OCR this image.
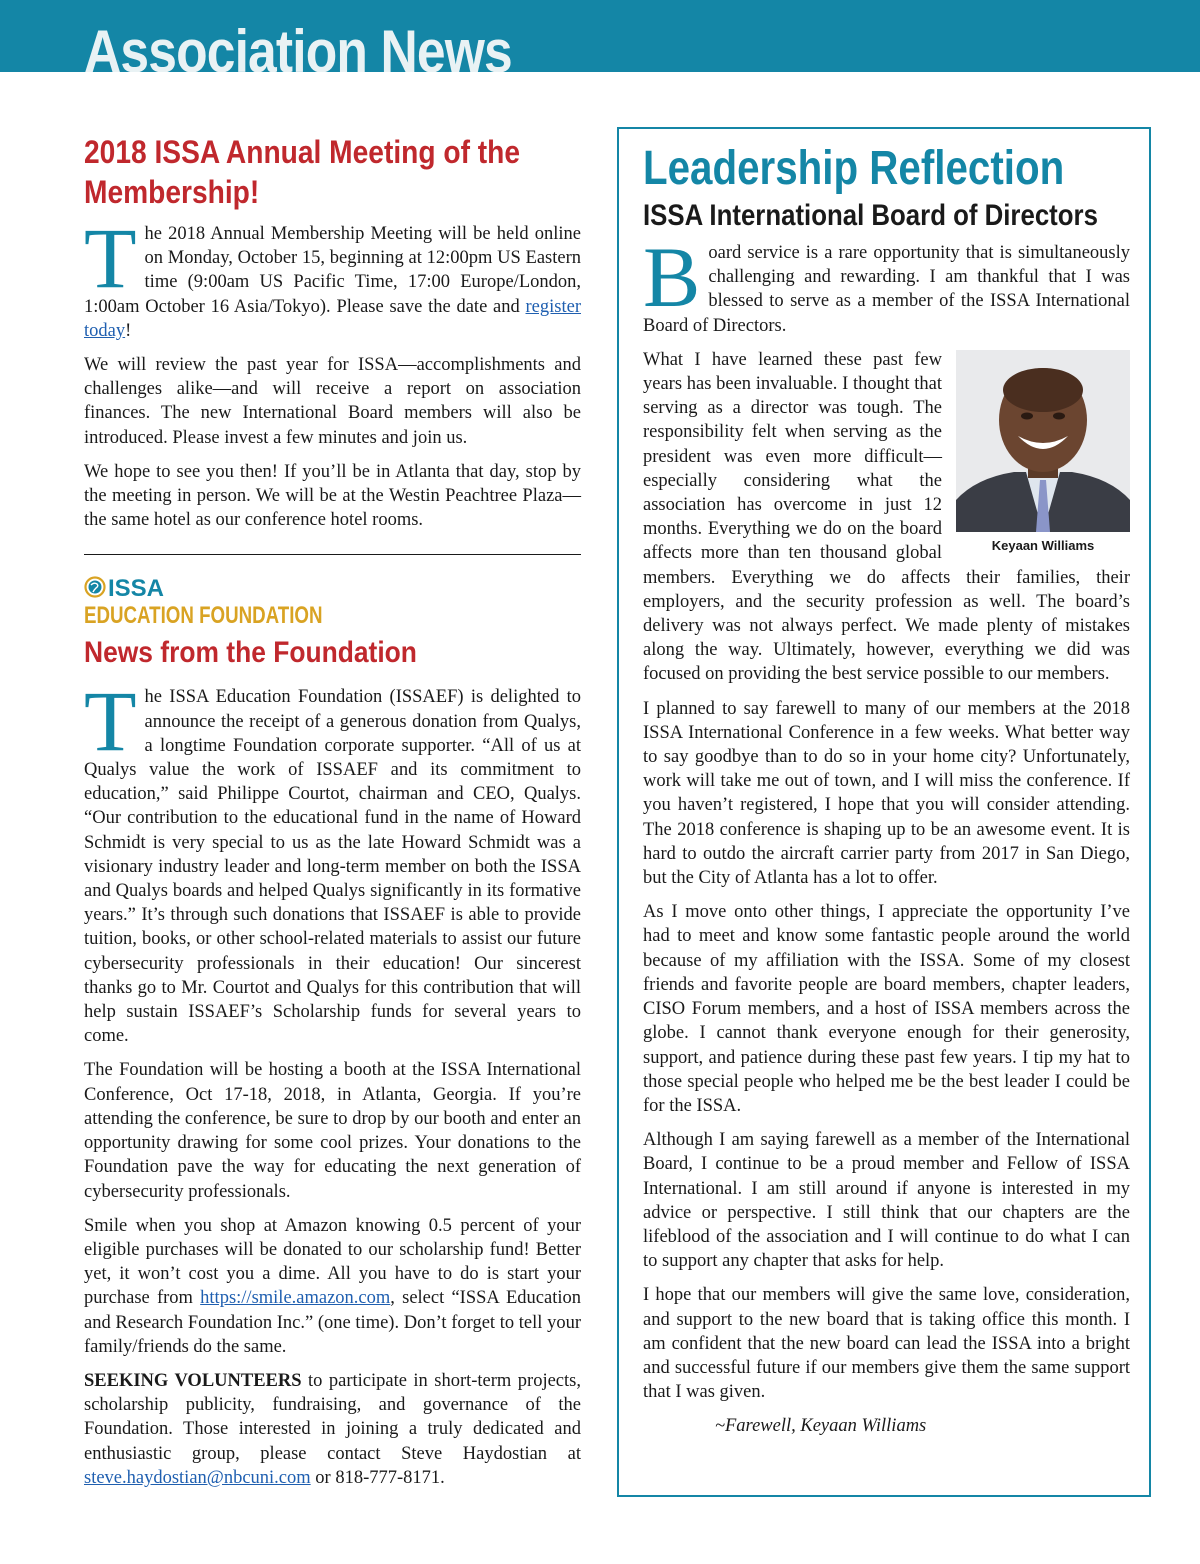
Association News
2018 ISSA Annual Meeting of the Membership!

The 2018 Annual Membership Meeting will be held online on Monday, October 15, beginning at 12:00pm US Eastern time (9:00am US Pacific Time, 17:00 Europe/London, 1:00am October 16 Asia/Tokyo). Please save the date and register today!

We will review the past year for ISSA—accomplishments and challenges alike—and will receive a report on association finances. The new International Board members will also be introduced. Please invest a few minutes and join us.

We hope to see you then! If you’ll be in Atlanta that day, stop by the meeting in person. We will be at the Westin Peachtree Plaza—the same hotel as our conference hotel rooms.

ISSA
EDUCATION FOUNDATION
News from the Foundation

The ISSA Education Foundation (ISSAEF) is delighted to announce the receipt of a generous donation from Qualys, a longtime Foundation corporate supporter. “All of us at Qualys value the work of ISSAEF and its commitment to education,” said Philippe Courtot, chairman and CEO, Qualys. “Our contribution to the educational fund in the name of Howard Schmidt is very special to us as the late Howard Schmidt was a visionary industry leader and long-term member on both the ISSA and Qualys boards and helped Qualys significantly in its formative years.” It’s through such donations that ISSAEF is able to provide tuition, books, or other school-related materials to assist our future cybersecurity professionals in their education! Our sincerest thanks go to Mr. Courtot and Qualys for this contribution that will help sustain ISSAEF’s Scholarship funds for several years to come.

The Foundation will be hosting a booth at the ISSA International Conference, Oct 17-18, 2018, in Atlanta, Georgia. If you’re attending the conference, be sure to drop by our booth and enter an opportunity drawing for some cool prizes. Your donations to the Foundation pave the way for educating the next generation of cybersecurity professionals.

Smile when you shop at Amazon knowing 0.5 percent of your eligible purchases will be donated to our scholarship fund! Better yet, it won’t cost you a dime. All you have to do is start your purchase from https://smile.amazon.com, select “ISSA Education and Research Foundation Inc.” (one time). Don’t forget to tell your family/friends do the same.

SEEKING VOLUNTEERS to participate in short-term projects, scholarship publicity, fundraising, and governance of the Foundation. Those interested in joining a truly dedicated and enthusiastic group, please contact Steve Haydostian at steve.haydostian@nbcuni.com or 818-777-8171.

Leadership Reflection
ISSA International Board of Directors

Board service is a rare opportunity that is simultaneously challenging and rewarding. I am thankful that I was blessed to serve as a member of the ISSA International Board of Directors.

Keyaan Williams

What I have learned these past few years has been invaluable. I thought that serving as a director was tough. The responsibility felt when serving as the president was even more difficult—especially considering what the association has overcome in just 12 months. Everything we do on the board affects more than ten thousand global members. Everything we do affects their families, their employers, and the security profession as well. The board’s delivery was not always perfect. We made plenty of mistakes along the way. Ultimately, however, everything we did was focused on providing the best service possible to our members.

I planned to say farewell to many of our members at the 2018 ISSA International Conference in a few weeks. What better way to say goodbye than to do so in your home city? Unfortunately, work will take me out of town, and I will miss the conference. If you haven’t registered, I hope that you will consider attending. The 2018 conference is shaping up to be an awesome event. It is hard to outdo the aircraft carrier party from 2017 in San Diego, but the City of Atlanta has a lot to offer.

As I move onto other things, I appreciate the opportunity I’ve had to meet and know some fantastic people around the world because of my affiliation with the ISSA. Some of my closest friends and favorite people are board members, chapter leaders, CISO Forum members, and a host of ISSA members across the globe. I cannot thank everyone enough for their generosity, support, and patience during these past few years. I tip my hat to those special people who helped me be the best leader I could be for the ISSA.

Although I am saying farewell as a member of the International Board, I continue to be a proud member and Fellow of ISSA International. I am still around if anyone is interested in my advice or perspective. I still think that our chapters are the lifeblood of the association and I will continue to do what I can to support any chapter that asks for help.

I hope that our members will give the same love, consideration, and support to the new board that is taking office this month. I am confident that the new board can lead the ISSA into a bright and successful future if our members give them the same support that I was given.

~Farewell, Keyaan Williams
